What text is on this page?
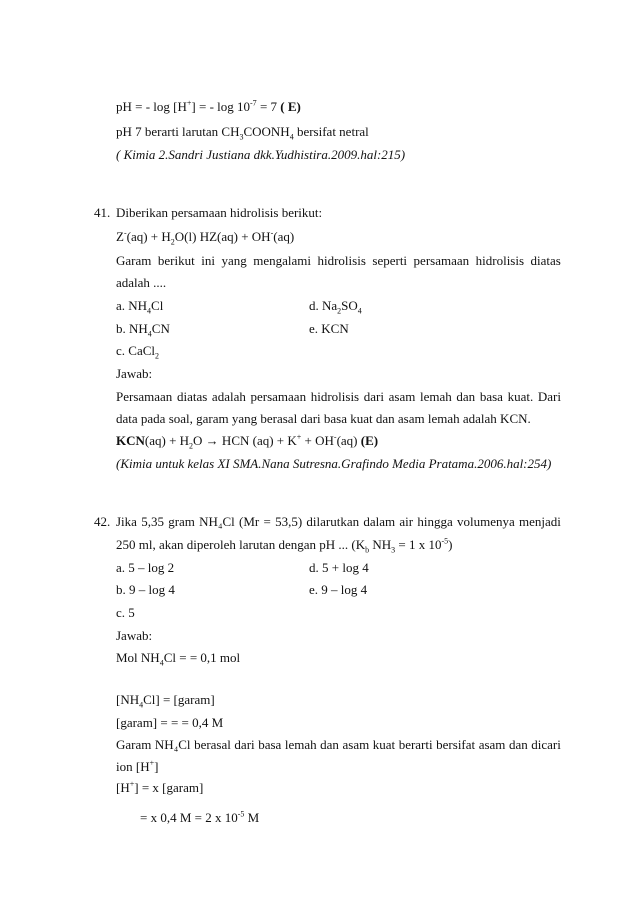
pH = - log [H+] = - $\log 10^{-7} = 7$ ( E)
pH 7 berarti larutan $CH_3COONH_4$ bersifat netral
( Kimia 2.Sandri Justiana dkk.Yudhistira.2009.hal:215)
41. Diberikan persamaan hidrolisis berikut:
$Z^-(aq) + H_2O(l) HZ(aq) + OH^-(aq)$
Garam berikut ini yang mengalami hidrolisis seperti persamaan hidrolisis diatas
adalah ....
a. $NH_4Cl$	d. $Na_2SO_4$
b. $NH_4CN$	e. KCN
c. CaCl$_2$
Jawab:
Persamaan diatas adalah persamaan hidrolisis dari asam lemah dan basa kuat. Dari
data pada soal, garam yang berasal dari basa kuat dan asam lemah adalah KCN.
$KCN(aq) + H_2O$ → HCN (aq) + K+ + OH-(aq) (E)
(Kimia untuk kelas XI SMA.Nana Sutresna.Grafindo Media Pratama.2006.hal:254)
42. Jika 5,35 gram NH₄Cl (Mr = 53,5) dilarutkan dalam air hingga volumenya menjadi
250 ml, akan diperoleh larutan dengan pH ... ($K_b$ $NH_3 = 1$ x $10^{-5}$)
a. 5 – log 2	d. 5 + log 4
b. 9 – log 4	e. 9 – log 4
c. 5
Jawab:
Mol $NH_4Cl$ = = 0,1 mol
$[NH_4Cl]$ = [garam]
[garam] = = = 0,4 M
Garam NH₄Cl berasal dari basa lemah dan asam kuat berarti bersifat asam dan dicari
ion [H+]
[H+] = x [garam]
= x 0,4 M = 2 x $10^{-5}$ M
